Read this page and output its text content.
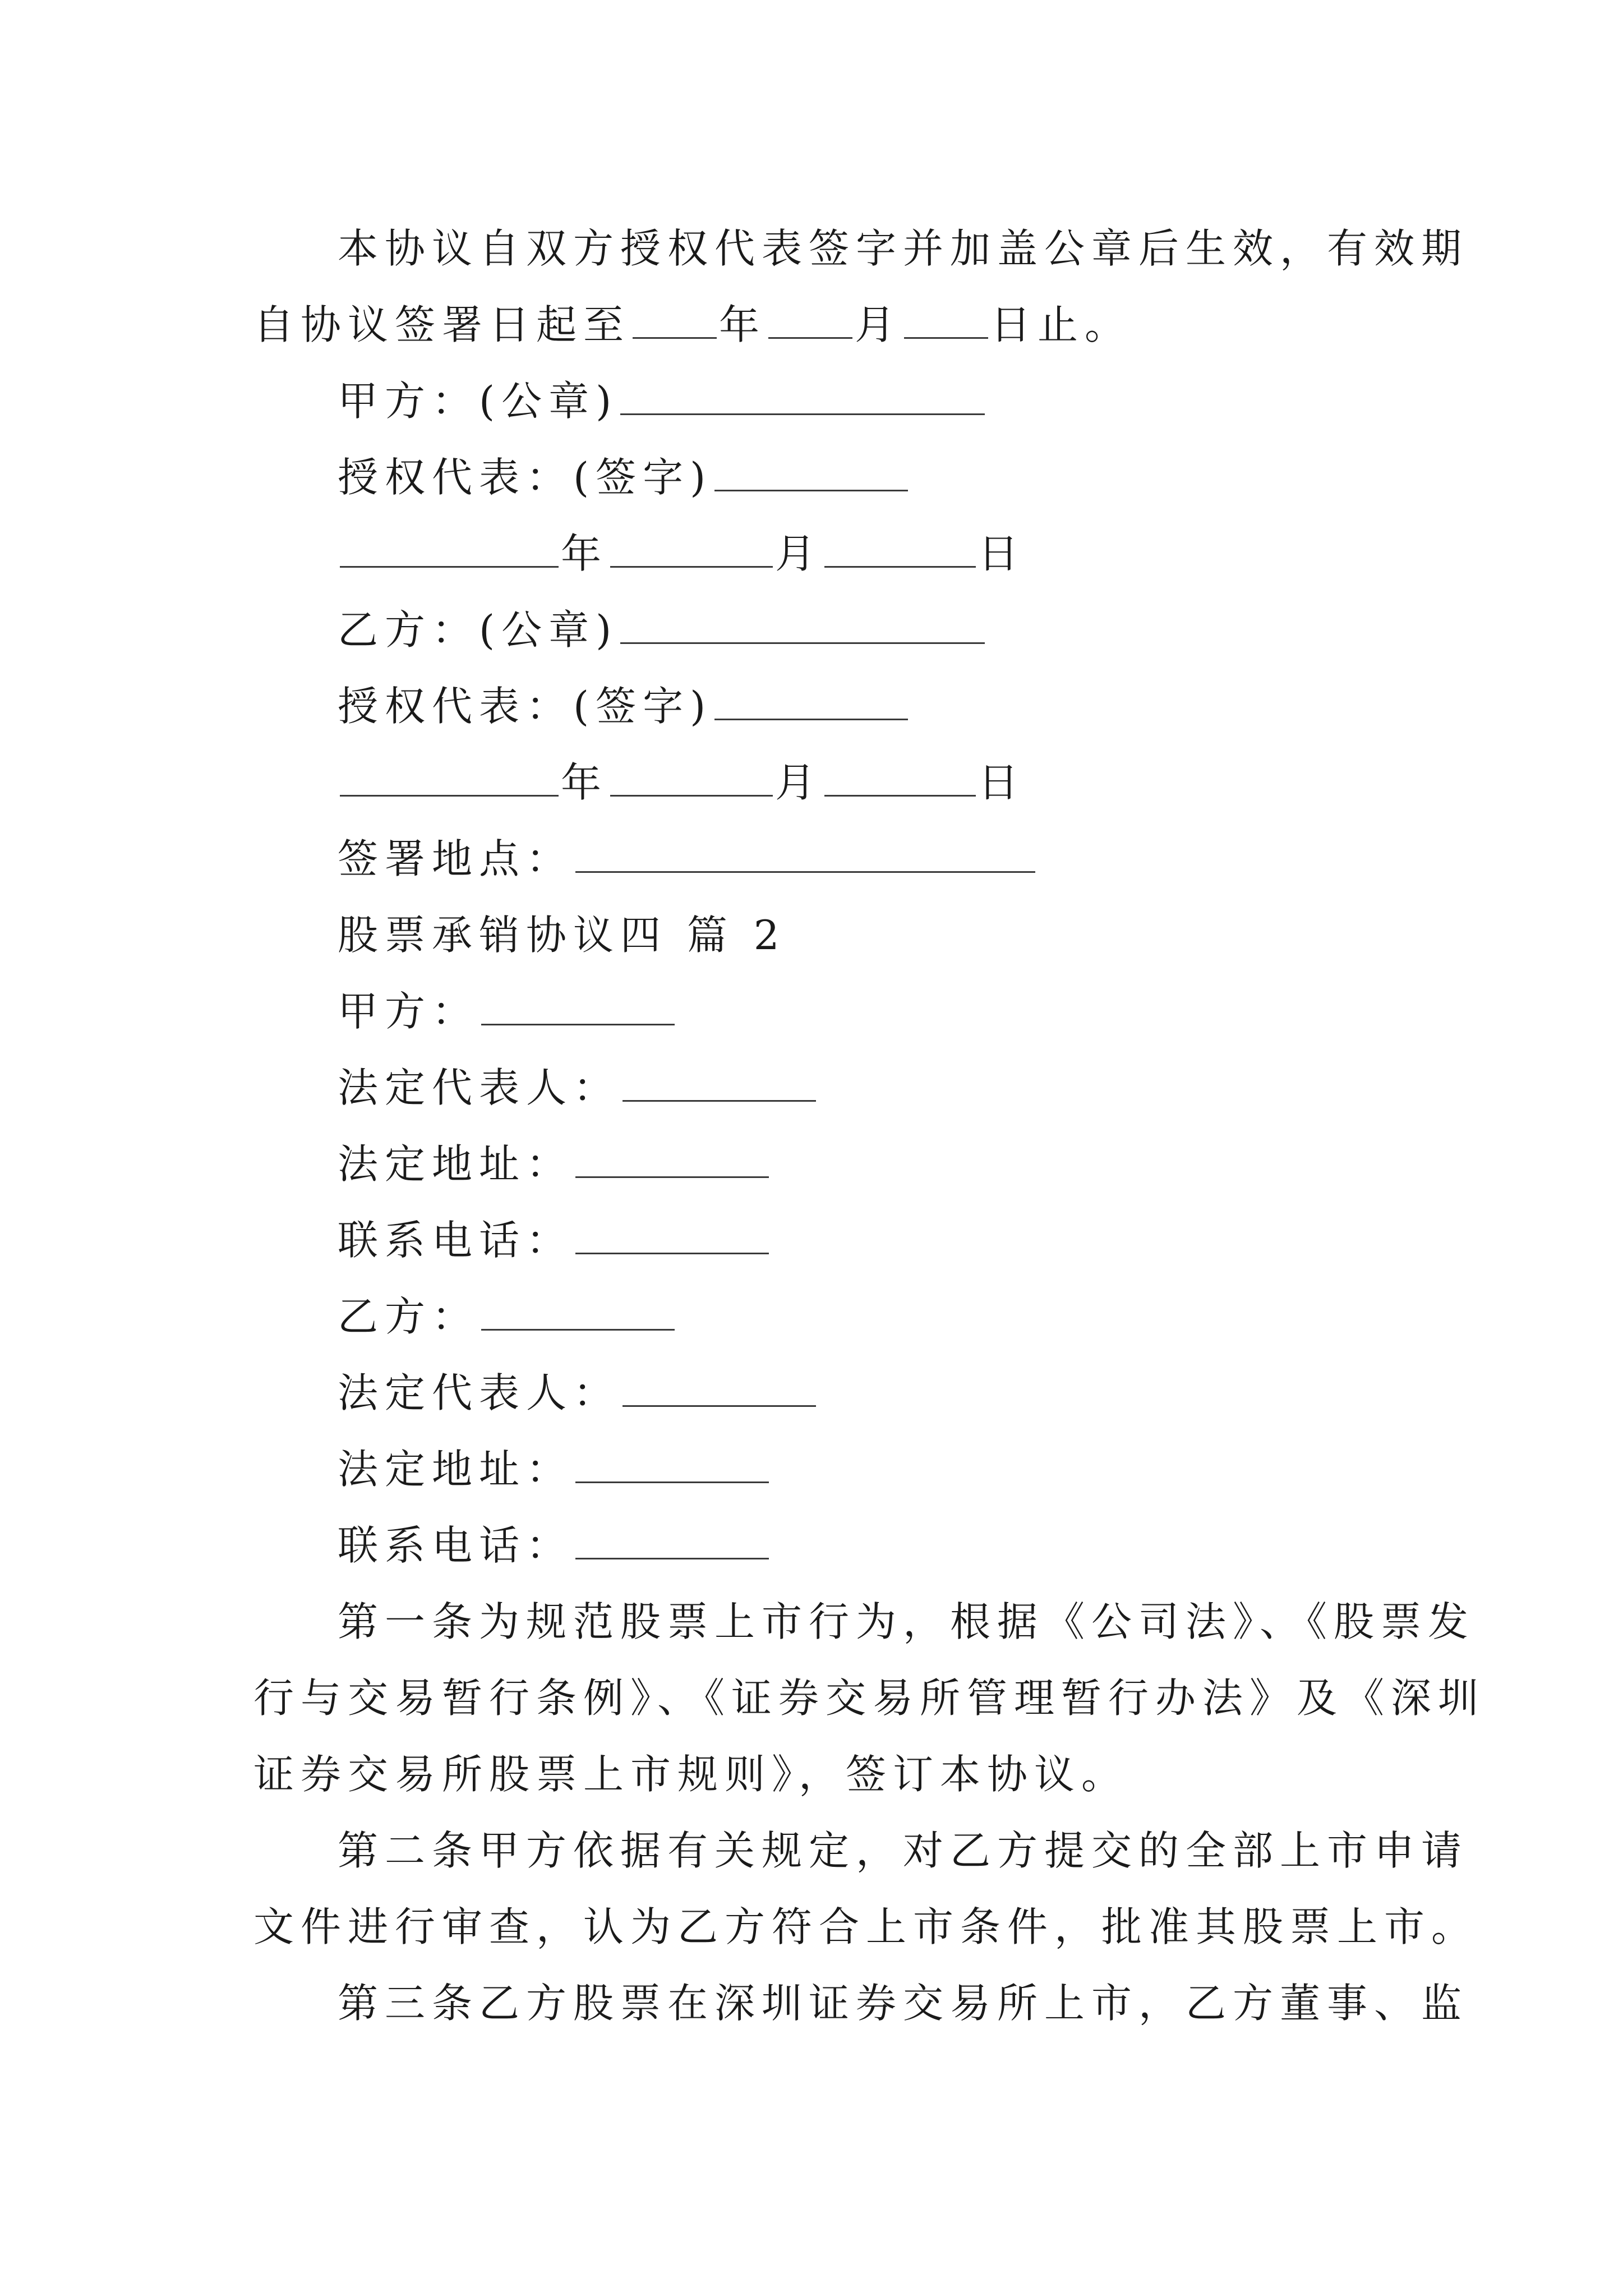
本协议自双方授权代表签字并加盖公章后生效，有效期
自协议签署日起至 年 月 日止。
甲方：(公章)
授权代表：(签字)
年	月	日
乙方：(公章)
授权代表：(签字)
年	月	日
签署地点：
股票承销协议四 篇 2
甲方：
法定代表人：
法定地址：
联系电话：
乙方：
法定代表人：
法定地址：
联系电话：
第一条为规范股票上市行为，根据《公司法》、《股票发
行与交易暂行条例》、《证券交易所管理暂行办法》及《深圳
证券交易所股票上市规则》，签订本协议。
第二条甲方依据有关规定，对乙方提交的全部上市申请
文件进行审查，认为乙方符合上市条件，批准其股票上市。
第三条乙方股票在深圳证券交易所上市，乙方董事、监
